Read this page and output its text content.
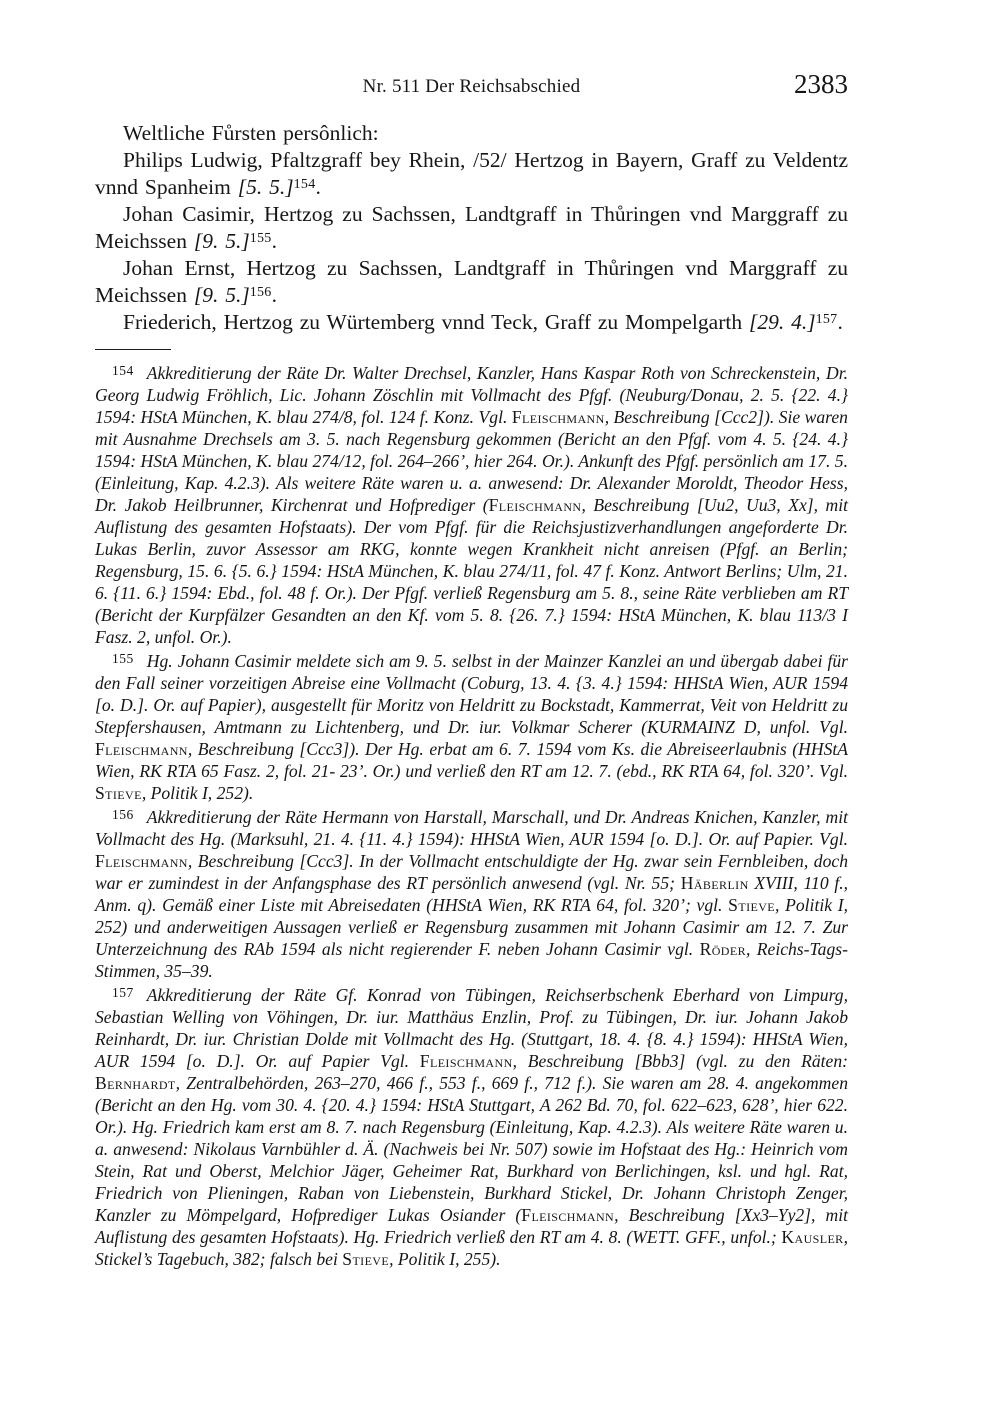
Nr. 511 Der Reichsabschied	2383

Weltliche Fůrsten persônlich:

Philips Ludwig, Pfaltzgraff bey Rhein, /52/ Hertzog in Bayern, Graff zu Veldentz vnnd Spanheim [5. 5.]$^{154}$.

Johan Casimir, Hertzog zu Sachssen, Landtgraff in Thůringen vnd Marggraff zu Meichssen [9. 5.]$^{155}$.

Johan Ernst, Hertzog zu Sachssen, Landtgraff in Thůringen vnd Marggraff zu Meichssen [9. 5.]$^{156}$.

Friederich, Hertzog zu Würtemberg vnnd Teck, Graff zu Mompelgarth [29. 4.]$^{157}$.

$^{154}$ Akkreditierung der Räte Dr. Walter Drechsel, Kanzler, Hans Kaspar Roth von Schreckenstein, Dr. Georg Ludwig Fröhlich, Lic. Johann Zöschlin mit Vollmacht des Pfgf. (Neuburg/Donau, 2. 5. {22. 4.} 1594: HStA München, K. blau 274/8, fol. 124 f. Konz. Vgl. Fleischmann, Beschreibung [Ccc2]). Sie waren mit Ausnahme Drechsels am 3. 5. nach Regensburg gekommen (Bericht an den Pfgf. vom 4. 5. {24. 4.} 1594: HStA München, K. blau 274/12, fol. 264–266’, hier 264. Or.). Ankunft des Pfgf. persönlich am 17. 5. (Einleitung, Kap. 4.2.3). Als weitere Räte waren u. a. anwesend: Dr. Alexander Moroldt, Theodor Hess, Dr. Jakob Heilbrunner, Kirchenrat und Hofprediger (Fleischmann, Beschreibung [Uu2, Uu3, Xx], mit Auflistung des gesamten Hofstaats). Der vom Pfgf. für die Reichsjustizverhandlungen angeforderte Dr. Lukas Berlin, zuvor Assessor am RKG, konnte wegen Krankheit nicht anreisen (Pfgf. an Berlin; Regensburg, 15. 6. {5. 6.} 1594: HStA München, K. blau 274/11, fol. 47 f. Konz. Antwort Berlins; Ulm, 21. 6. {11. 6.} 1594: Ebd., fol. 48 f. Or.). Der Pfgf. verließ Regensburg am 5. 8., seine Räte verblieben am RT (Bericht der Kurpfälzer Gesandten an den Kf. vom 5. 8. {26. 7.} 1594: HStA München, K. blau 113/3 I Fasz. 2, unfol. Or.).
$^{155}$ Hg. Johann Casimir meldete sich am 9. 5. selbst in der Mainzer Kanzlei an und übergab dabei für den Fall seiner vorzeitigen Abreise eine Vollmacht (Coburg, 13. 4. {3. 4.} 1594: HHStA Wien, AUR 1594 [o. D.]. Or. auf Papier), ausgestellt für Moritz von Heldritt zu Bockstadt, Kammerrat, Veit von Heldritt zu Stepfershausen, Amtmann zu Lichtenberg, und Dr. iur. Volkmar Scherer (KURMAINZ D, unfol. Vgl. Fleischmann, Beschreibung [Ccc3]). Der Hg. erbat am 6. 7. 1594 vom Ks. die Abreiseerlaubnis (HHStA Wien, RK RTA 65 Fasz. 2, fol. 21- 23’. Or.) und verließ den RT am 12. 7. (ebd., RK RTA 64, fol. 320’. Vgl. Stieve, Politik I, 252).
$^{156}$ Akkreditierung der Räte Hermann von Harstall, Marschall, und Dr. Andreas Knichen, Kanzler, mit Vollmacht des Hg. (Marksuhl, 21. 4. {11. 4.} 1594): HHStA Wien, AUR 1594 [o. D.]. Or. auf Papier. Vgl. Fleischmann, Beschreibung [Ccc3]. In der Vollmacht entschuldigte der Hg. zwar sein Fernbleiben, doch war er zumindest in der Anfangsphase des RT persönlich anwesend (vgl. Nr. 55; Häberlin XVIII, 110 f., Anm. q). Gemäß einer Liste mit Abreisedaten (HHStA Wien, RK RTA 64, fol. 320’; vgl. Stieve, Politik I, 252) und anderweitigen Aussagen verließ er Regensburg zusammen mit Johann Casimir am 12. 7. Zur Unterzeichnung des RAb 1594 als nicht regierender F. neben Johann Casimir vgl. Röder, Reichs-Tags-Stimmen, 35–39.
$^{157}$ Akkreditierung der Räte Gf. Konrad von Tübingen, Reichserbschenk Eberhard von Limpurg, Sebastian Welling von Vöhingen, Dr. iur. Matthäus Enzlin, Prof. zu Tübingen, Dr. iur. Johann Jakob Reinhardt, Dr. iur. Christian Dolde mit Vollmacht des Hg. (Stuttgart, 18. 4. {8. 4.} 1594): HHStA Wien, AUR 1594 [o. D.]. Or. auf Papier Vgl. Fleischmann, Beschreibung [Bbb3] (vgl. zu den Räten: Bernhardt, Zentralbehörden, 263–270, 466 f., 553 f., 669 f., 712 f.). Sie waren am 28. 4. angekommen (Bericht an den Hg. vom 30. 4. {20. 4.} 1594: HStA Stuttgart, A 262 Bd. 70, fol. 622–623, 628’, hier 622. Or.). Hg. Friedrich kam erst am 8. 7. nach Regensburg (Einleitung, Kap. 4.2.3). Als weitere Räte waren u. a. anwesend: Nikolaus Varnbühler d. Ä. (Nachweis bei Nr. 507) sowie im Hofstaat des Hg.: Heinrich vom Stein, Rat und Oberst, Melchior Jäger, Geheimer Rat, Burkhard von Berlichingen, ksl. und hgl. Rat, Friedrich von Plieningen, Raban von Liebenstein, Burkhard Stickel, Dr. Johann Christoph Zenger, Kanzler zu Mömpelgard, Hofprediger Lukas Osiander (Fleischmann, Beschreibung [Xx3–Yy2], mit Auflistung des gesamten Hofstaats). Hg. Friedrich verließ den RT am 4. 8. (WETT. GFF., unfol.; Kausler, Stickel’s Tagebuch, 382; falsch bei Stieve, Politik I, 255).
